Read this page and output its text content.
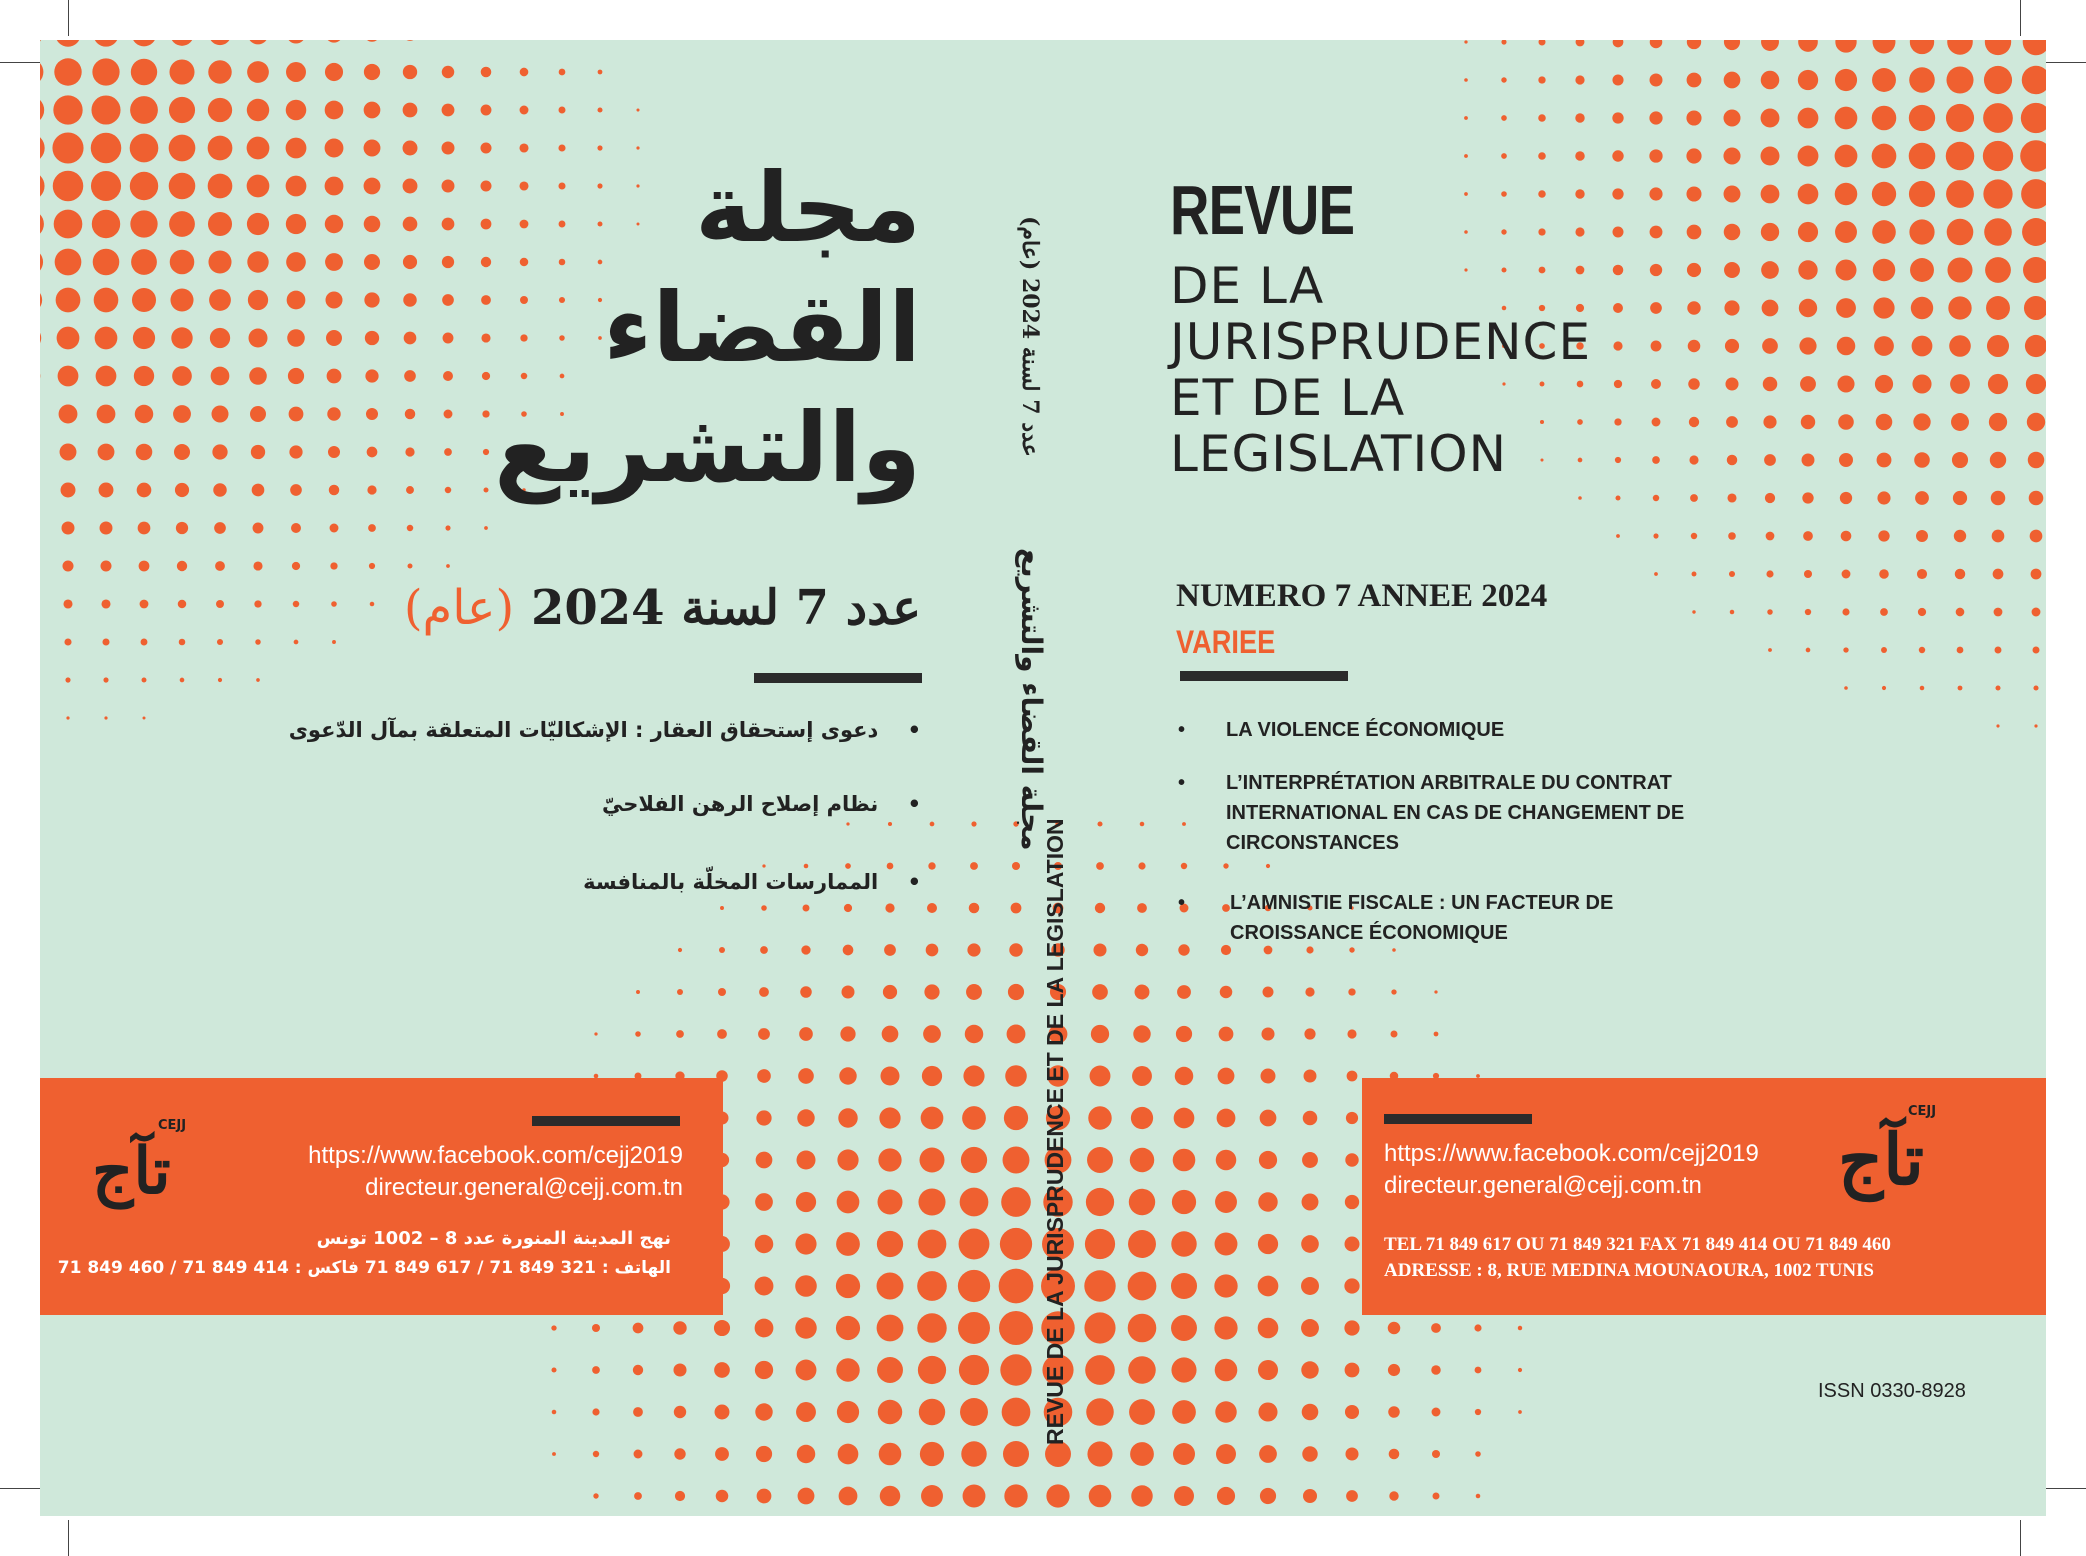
مجلة
القضاء
والتشريع
عدد 7 لسنة 2024 (عام)
• دعوى إستحقاق العقار : الإشكاليّات المتعلقة بمآل الدّعوى
• نظام إصلاح الرهن الفلاحيّ
• الممارسات المخلّة بالمنافسة
CEJJ
تآج	https://www.facebook.com/cejj2019
directeur.general@cejj.com.tn
نهج المدينة المنورة عدد 8 – 1002 تونس
الهاتف : 321 849 71 / 617 849 71 فاكس : 414 849 71 / 460 849 71
عدد 7 لسنة 2024 (عام)
مجلة القضاء والتشريع
REVUE DE LA JURISPRUDENCE ET DE LA LEGISLATION
REVUE
DE LA
JURISPRUDENCE
ET DE LA
LEGISLATION
NUMERO 7 ANNEE 2024
VARIEE
•
LA VIOLENCE ÉCONOMIQUE
•
L’INTERPRÉTATION ARBITRALE DU CONTRAT INTERNATIONAL EN CAS DE CHANGEMENT DE CIRCONSTANCES
•
L’AMNISTIE FISCALE : UN FACTEUR DE CROISSANCE ÉCONOMIQUE
https://www.facebook.com/cejj2019
directeur.general@cejj.com.tn
TEL 71 849 617 OU 71 849 321 FAX 71 849 414 OU 71 849 460
ADRESSE : 8, RUE MEDINA MOUNAOURA, 1002 TUNIS
CEJJ
تآج
ISSN 0330-8928
